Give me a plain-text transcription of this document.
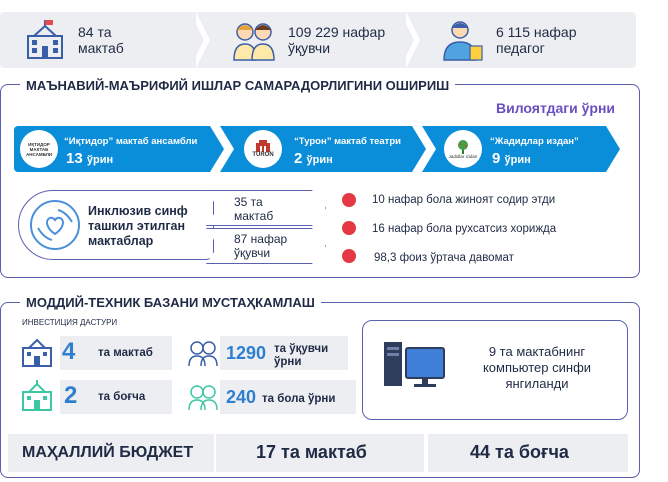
84 та
мактаб
109 229 нафар
ўқувчи
6 115 нафар
педагог
МАЪНАВИЙ-МАЪРИФИЙ ИШЛАР САМАРАДОРЛИГИНИ ОШИРИШ
Вилоятдаги ўрни
ИҚТИДОР МАКТАБ АНСАМБЛИ
“Иқтидор” мактаб ансамбли
13 ўрин	TURON
“Турон” мактаб театри
2 ўрин	Jadidlar izidan
“Жадидлар издан”
9 ўрин
Инклюзив синф ташкил этилган мактаблар
35 та мактаб
87 нафар ўқувчи
10 нафар бола жиноят содир этди
16 нафар бола рухсатсиз хорижда
98,3 фоиз ўртача давомат
МОДДИЙ-ТЕХНИК БАЗАНИ МУСТАҲКАМЛАШ
ИНВЕСТИЦИЯ ДАСТУРИ
4 та мактаб
2 та боғча
1290 та ўқувчи ўрни
240 та бола ўрни
9 та мактабнинг компьютер синфи янгиланди
МАҲАЛЛИЙ БЮДЖЕТ	17 та мактаб	44 та боғча
